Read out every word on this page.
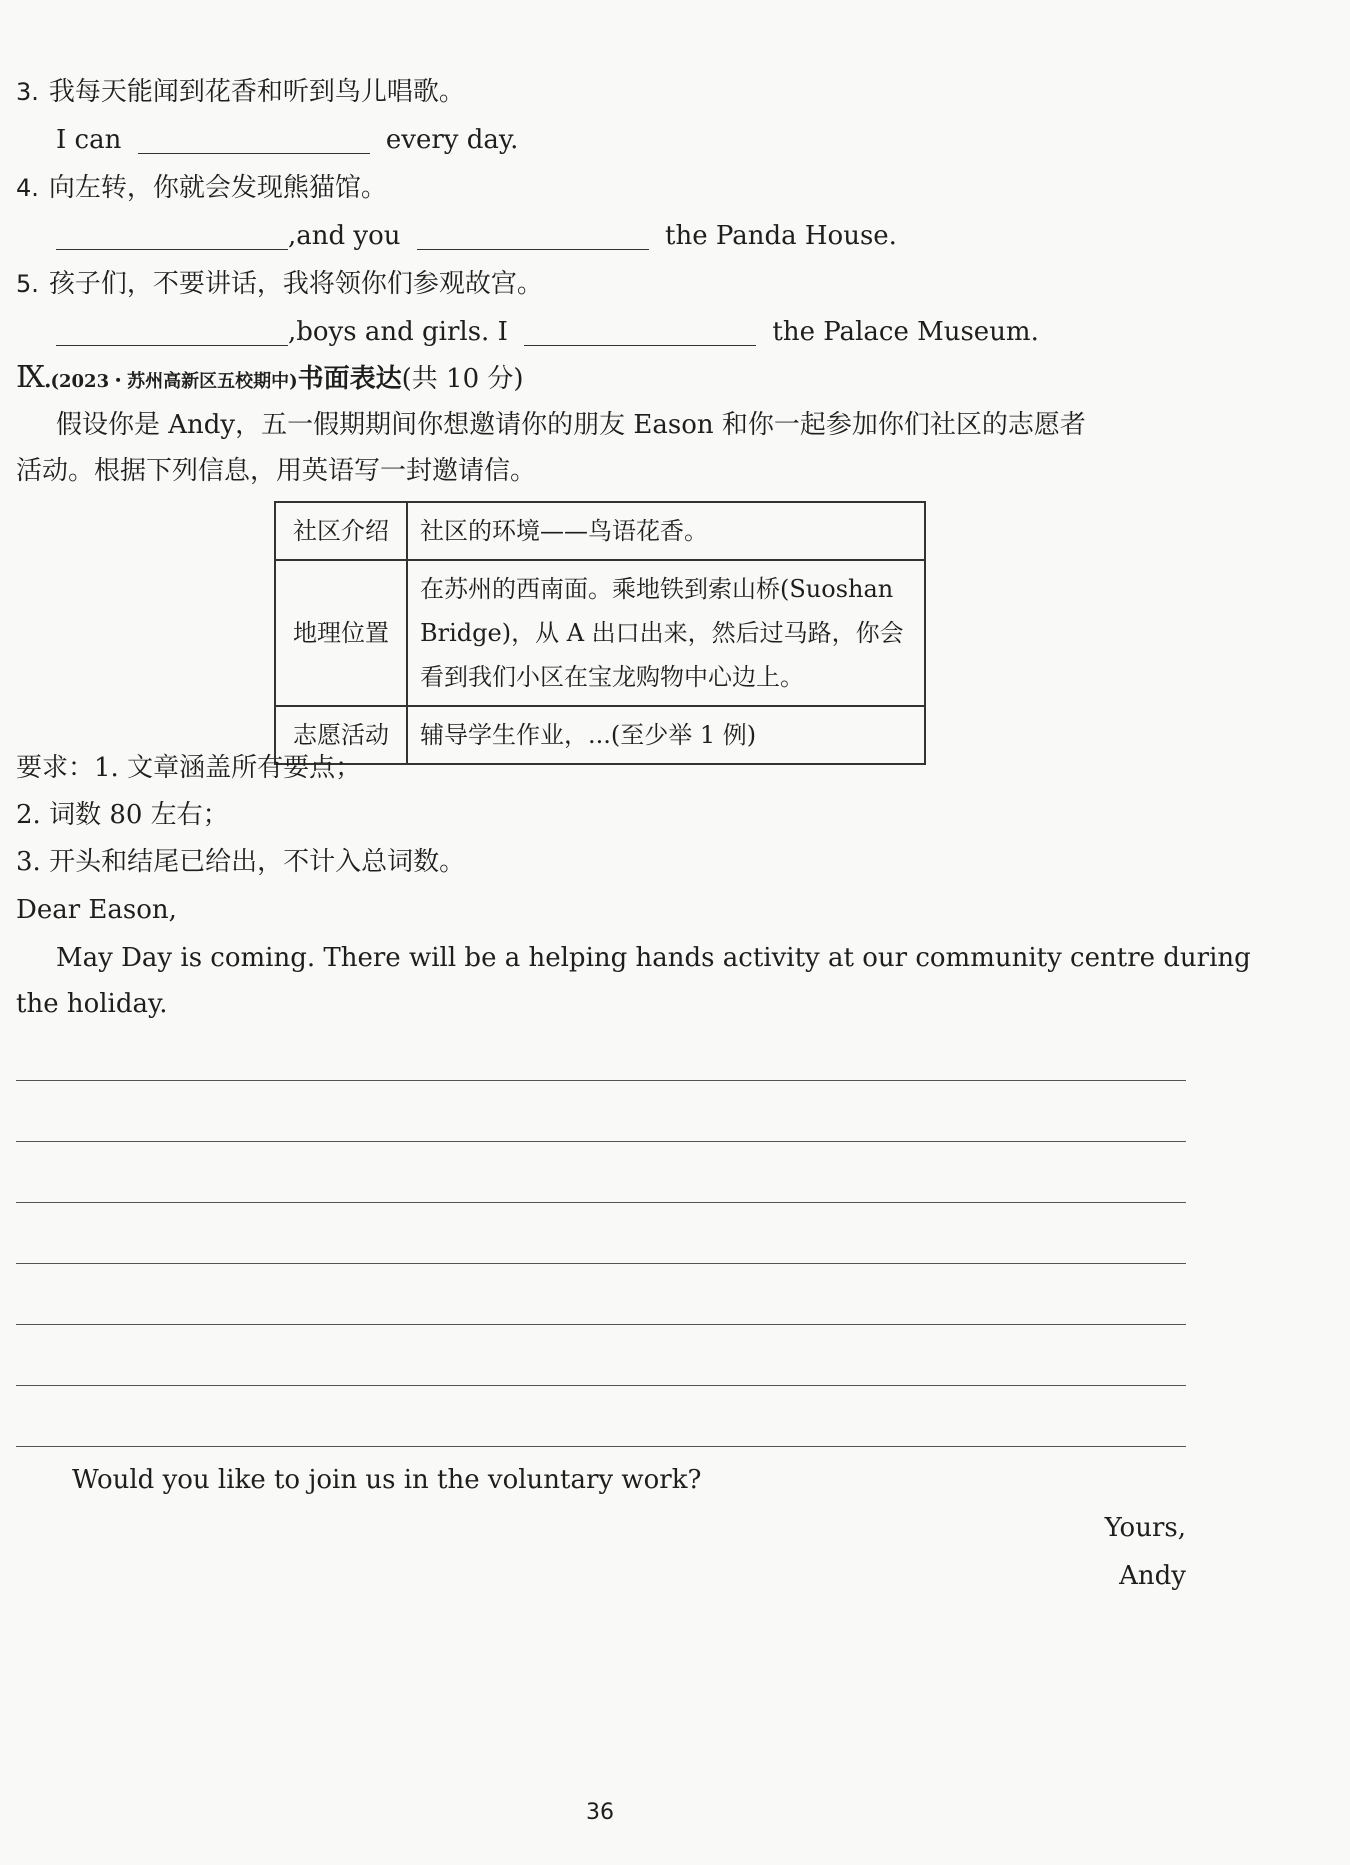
3. 我每天能闻到花香和听到鸟儿唱歌。
I can	every day.
4. 向左转，你就会发现熊猫馆。
,and you	the Panda House.
5. 孩子们，不要讲话，我将领你们参观故宫。
,boys and girls. I	the Palace Museum.
Ⅸ.(2023・苏州高新区五校期中)书面表达(共 10 分)
假设你是 Andy，五一假期期间你想邀请你的朋友 Eason 和你一起参加你们社区的志愿者
活动。根据下列信息，用英语写一封邀请信。
社区介绍	社区的环境——鸟语花香。
地理位置	在苏州的西南面。乘地铁到索山桥(Suoshan Bridge)，从 A 出口出来，然后过马路，你会看到我们小区在宝龙购物中心边上。
志愿活动	辅导学生作业，...(至少举 1 例)
要求：1. 文章涵盖所有要点；
2. 词数 80 左右；
3. 开头和结尾已给出，不计入总词数。
Dear Eason,
May Day is coming. There will be a helping hands activity at our community centre during
the holiday.
Would you like to join us in the voluntary work?
Yours,
Andy
36
